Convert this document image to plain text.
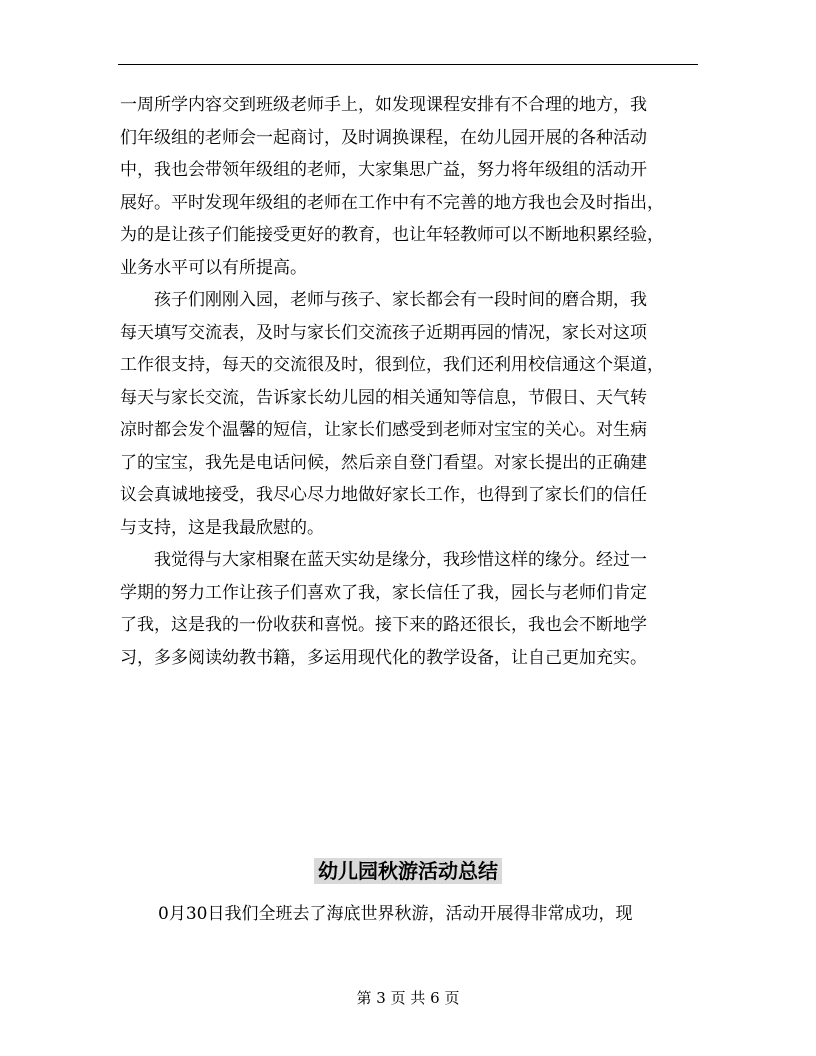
一周所学内容交到班级老师手上，如发现课程安排有不合理的地方，我
们年级组的老师会一起商讨，及时调换课程，在幼儿园开展的各种活动
中，我也会带领年级组的老师，大家集思广益，努力将年级组的活动开
展好。平时发现年级组的老师在工作中有不完善的地方我也会及时指出，
为的是让孩子们能接受更好的教育，也让年轻教师可以不断地积累经验，
业务水平可以有所提高。
孩子们刚刚入园，老师与孩子、家长都会有一段时间的磨合期，我
每天填写交流表，及时与家长们交流孩子近期再园的情况，家长对这项
工作很支持，每天的交流很及时，很到位，我们还利用校信通这个渠道，
每天与家长交流，告诉家长幼儿园的相关通知等信息，节假日、天气转
凉时都会发个温馨的短信，让家长们感受到老师对宝宝的关心。对生病
了的宝宝，我先是电话问候，然后亲自登门看望。对家长提出的正确建
议会真诚地接受，我尽心尽力地做好家长工作，也得到了家长们的信任
与支持，这是我最欣慰的。
我觉得与大家相聚在蓝天实幼是缘分，我珍惜这样的缘分。经过一
学期的努力工作让孩子们喜欢了我，家长信任了我，园长与老师们肯定
了我，这是我的一份收获和喜悦。接下来的路还很长，我也会不断地学
习，多多阅读幼教书籍，多运用现代化的教学设备，让自己更加充实。
幼儿园秋游活动总结
0月30日我们全班去了海底世界秋游，活动开展得非常成功，现
第 3 页 共 6 页
